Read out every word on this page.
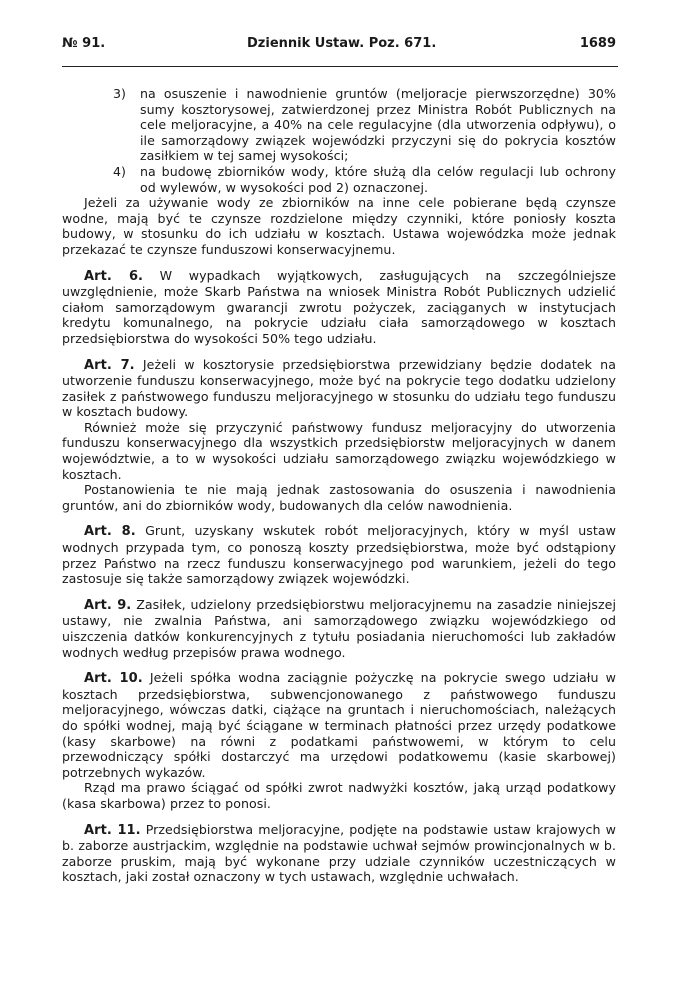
№ 91.	Dziennik Ustaw. Poz. 671.	1689
3)	na osuszenie i nawodnienie gruntów (meljoracje pierwszorzędne) 30% sumy kosztorysowej, zatwierdzonej przez Ministra Robót Publicznych na cele meljoracyjne, a 40% na cele regulacyjne (dla utworzenia odpływu), o ile samorządowy związek wojewódzki przyczyni się do pokrycia kosztów zasiłkiem w tej samej wysokości;
4)	na budowę zbiorników wody, które służą dla celów regulacji lub ochrony od wylewów, w wysokości pod 2) oznaczonej.

Jeżeli za używanie wody ze zbiorników na inne cele pobierane będą czynsze wodne, mają być te czynsze rozdzielone między czynniki, które poniosły koszta budowy, w stosunku do ich udziału w kosztach. Ustawa wojewódzka może jednak przekazać te czynsze funduszowi konserwacyjnemu.

Art. 6. W wypadkach wyjątkowych, zasługujących na szczególniejsze uwzględnienie, może Skarb Państwa na wniosek Ministra Robót Publicznych udzielić ciałom samorządowym gwarancji zwrotu pożyczek, zaciąganych w instytucjach kredytu komunalnego, na pokrycie udziału ciała samorządowego w kosztach przedsiębiorstwa do wysokości 50% tego udziału.

Art. 7. Jeżeli w kosztorysie przedsiębiorstwa przewidziany będzie dodatek na utworzenie funduszu konserwacyjnego, może być na pokrycie tego dodatku udzielony zasiłek z państwowego funduszu meljoracyjnego w stosunku do udziału tego funduszu w kosztach budowy.

Również może się przyczynić państwowy fundusz meljoracyjny do utworzenia funduszu konserwacyjnego dla wszystkich przedsiębiorstw meljoracyjnych w danem województwie, a to w wysokości udziału samorządowego związku wojewódzkiego w kosztach.

Postanowienia te nie mają jednak zastosowania do osuszenia i nawodnienia gruntów, ani do zbiorników wody, budowanych dla celów nawodnienia.

Art. 8. Grunt, uzyskany wskutek robót meljoracyjnych, który w myśl ustaw wodnych przypada tym, co ponoszą koszty przedsiębiorstwa, może być odstąpiony przez Państwo na rzecz funduszu konserwacyjnego pod warunkiem, jeżeli do tego zastosuje się także samorządowy związek wojewódzki.

Art. 9. Zasiłek, udzielony przedsiębiorstwu meljoracyjnemu na zasadzie niniejszej ustawy, nie zwalnia Państwa, ani samorządowego związku wojewódzkiego od uiszczenia datków konkurencyjnych z tytułu posiadania nieruchomości lub zakładów wodnych według przepisów prawa wodnego.

Art. 10. Jeżeli spółka wodna zaciągnie pożyczkę na pokrycie swego udziału w kosztach przedsiębiorstwa, subwencjonowanego z państwowego funduszu meljoracyjnego, wówczas datki, ciążące na gruntach i nieruchomościach, należących do spółki wodnej, mają być ściągane w terminach płatności przez urzędy podatkowe (kasy skarbowe) na równi z podatkami państwowemi, w którym to celu przewodniczący spółki dostarczyć ma urzędowi podatkowemu (kasie skarbowej) potrzebnych wykazów.

Rząd ma prawo ściągać od spółki zwrot nadwyżki kosztów, jaką urząd podatkowy (kasa skarbowa) przez to ponosi.

Art. 11. Przedsiębiorstwa meljoracyjne, podjęte na podstawie ustaw krajowych w b. zaborze austrjackim, względnie na podstawie uchwał sejmów prowincjonalnych w b. zaborze pruskim, mają być wykonane przy udziale czynników uczestniczących w kosztach, jaki został oznaczony w tych ustawach, względnie uchwałach.
